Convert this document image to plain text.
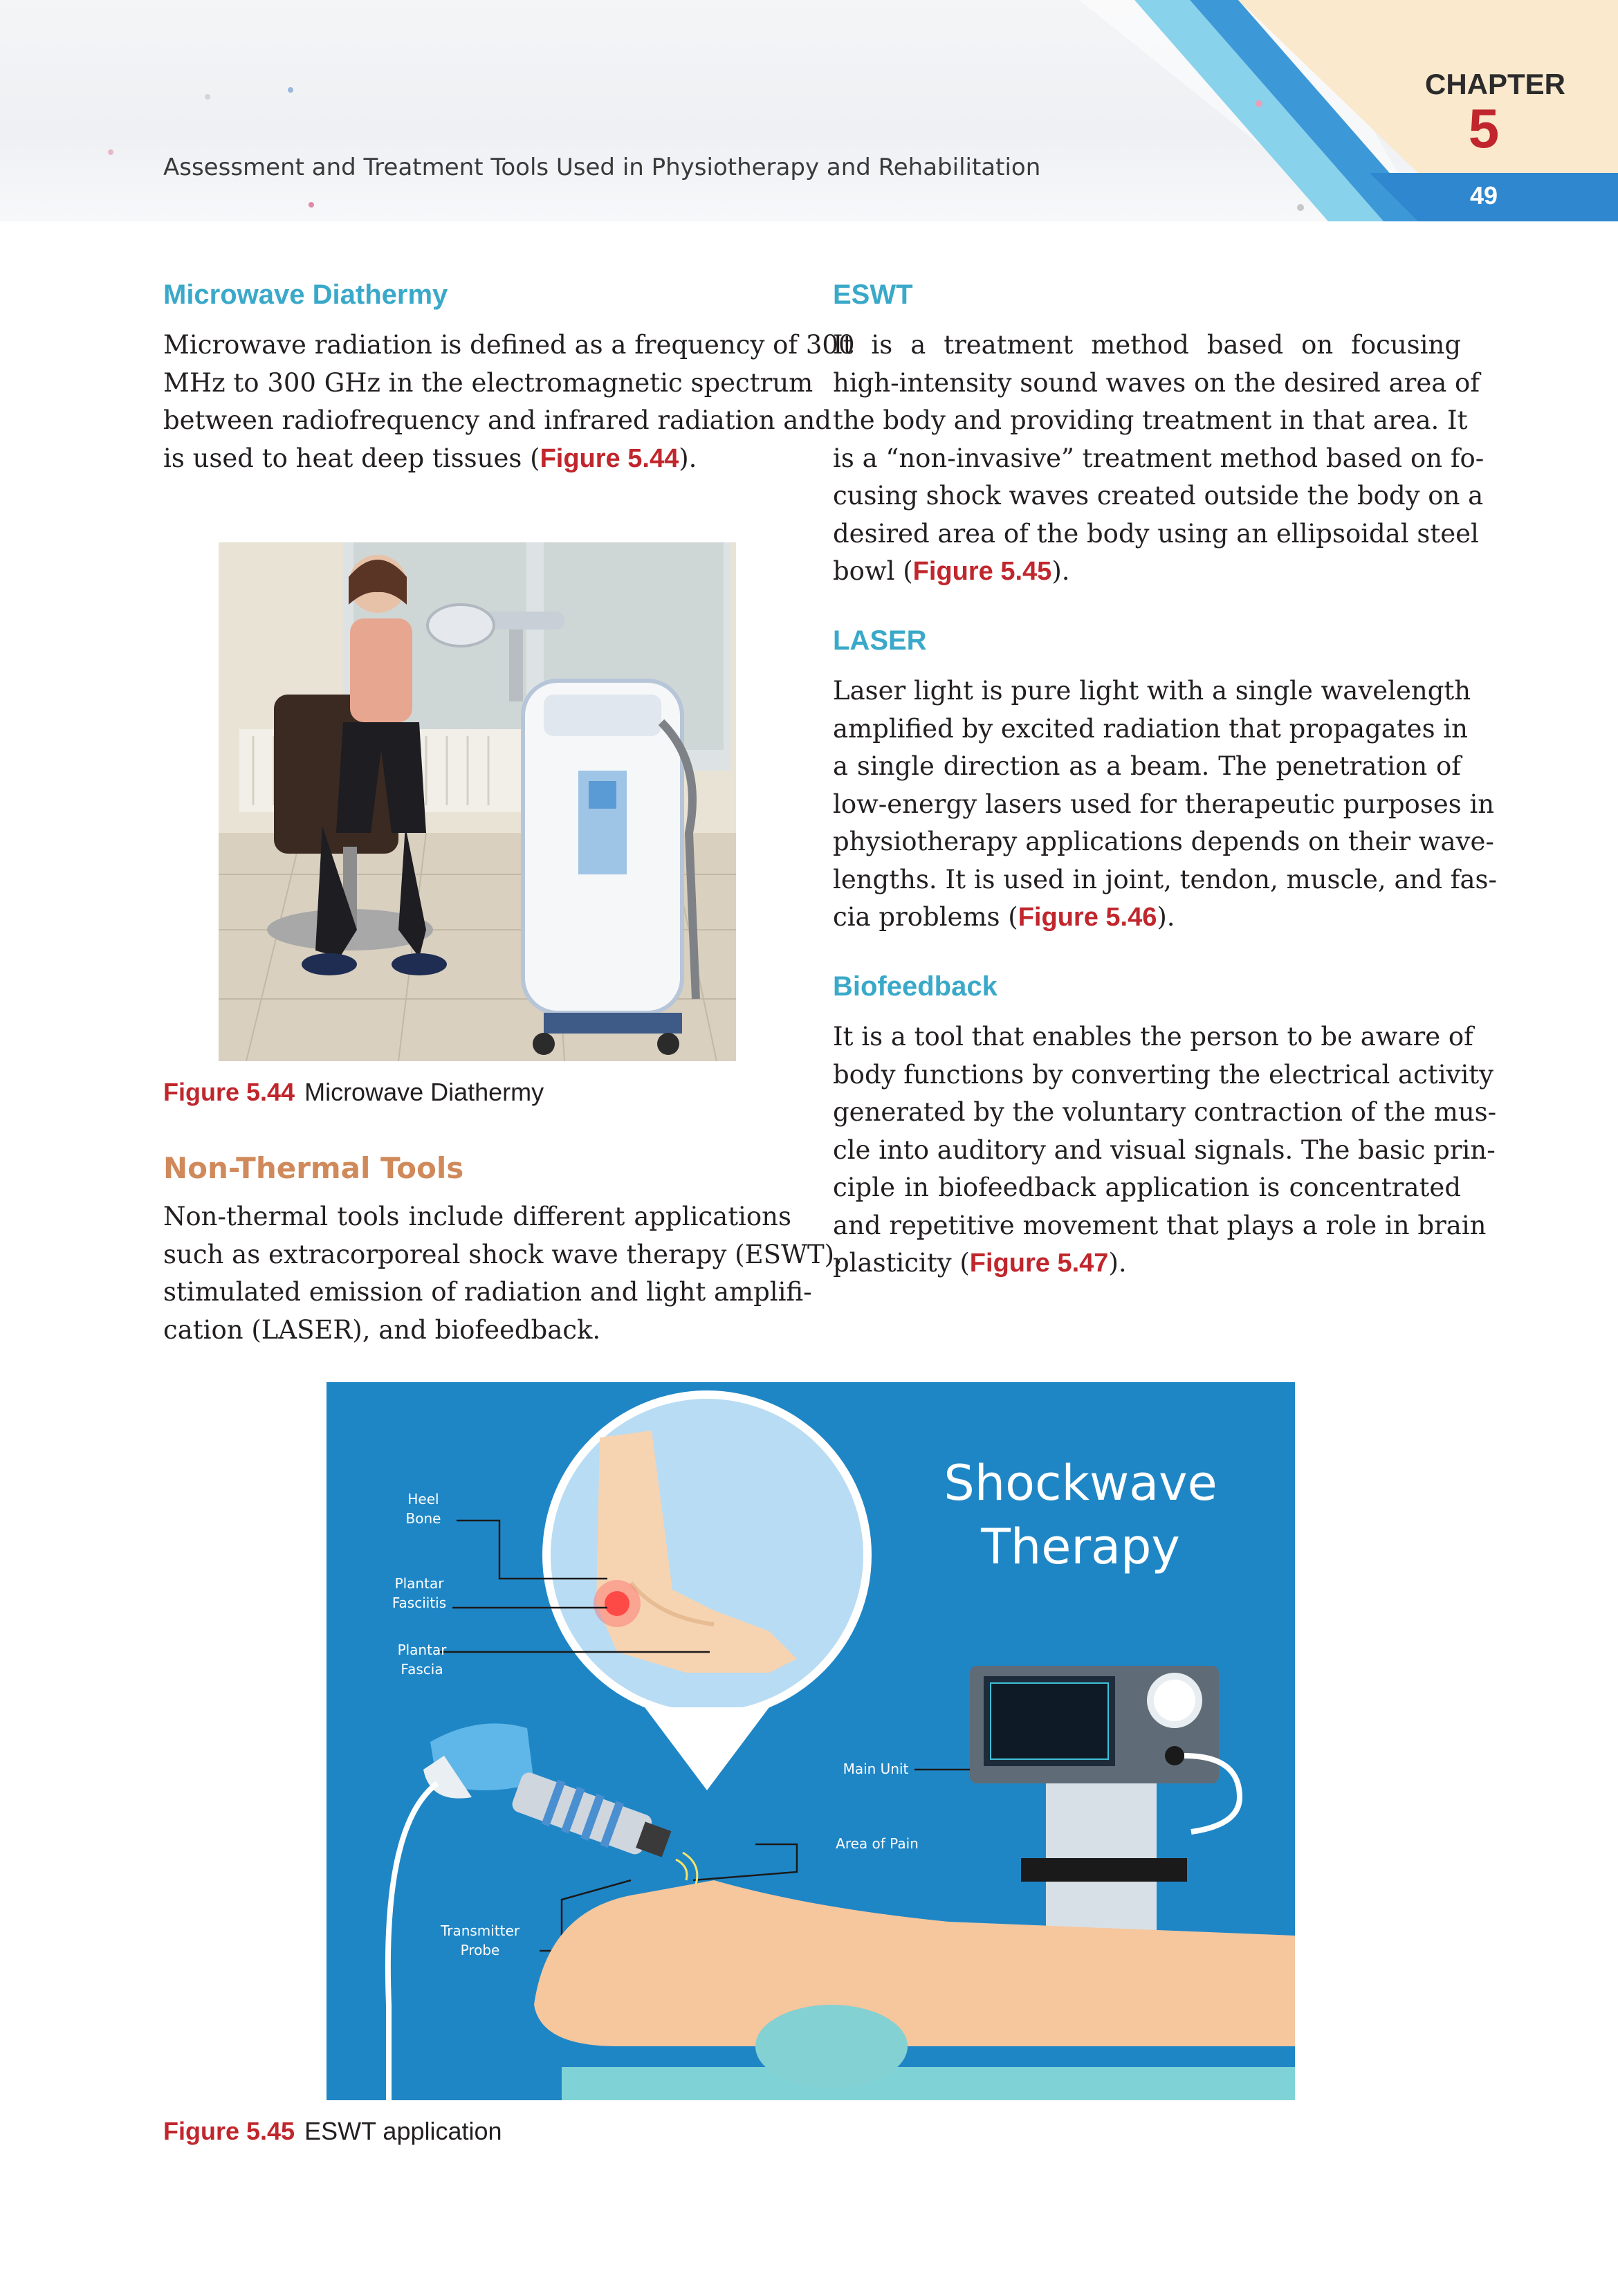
Assessment and Treatment Tools Used in Physiotherapy and Rehabilitation
CHAPTER
5
49
Microwave Diathermy
Microwave radiation is defined as a frequency of 300
MHz to 300 GHz in the electromagnetic spectrum
between radiofrequency and infrared radiation and
is used to heat deep tissues (Figure 5.44).
Figure 5.44 Microwave Diathermy
Non-Thermal Tools
Non-thermal tools include different applications
such as extracorporeal shock wave therapy (ESWT),
stimulated emission of radiation and light amplifi-
cation (LASER), and biofeedback.
ESWT
It is a treatment method based on focusing
high-intensity sound waves on the desired area of
the body and providing treatment in that area. It
is a “non-invasive” treatment method based on fo-
cusing shock waves created outside the body on a
desired area of the body using an ellipsoidal steel
bowl (Figure 5.45).
LASER
Laser light is pure light with a single wavelength
amplified by excited radiation that propagates in
a single direction as a beam. The penetration of
low-energy lasers used for therapeutic purposes in
physiotherapy applications depends on their wave-
lengths. It is used in joint, tendon, muscle, and fas-
cia problems (Figure 5.46).
Biofeedback
It is a tool that enables the person to be aware of
body functions by converting the electrical activity
generated by the voluntary contraction of the mus-
cle into auditory and visual signals. The basic prin-
ciple in biofeedback application is concentrated
and repetitive movement that plays a role in brain
plasticity (Figure 5.47).
Shockwave
Therapy
Heel
Bone
Plantar
Fasciitis
Plantar
Fascia
Main Unit
Area of Pain
Transmitter
Probe
Figure 5.45 ESWT application
